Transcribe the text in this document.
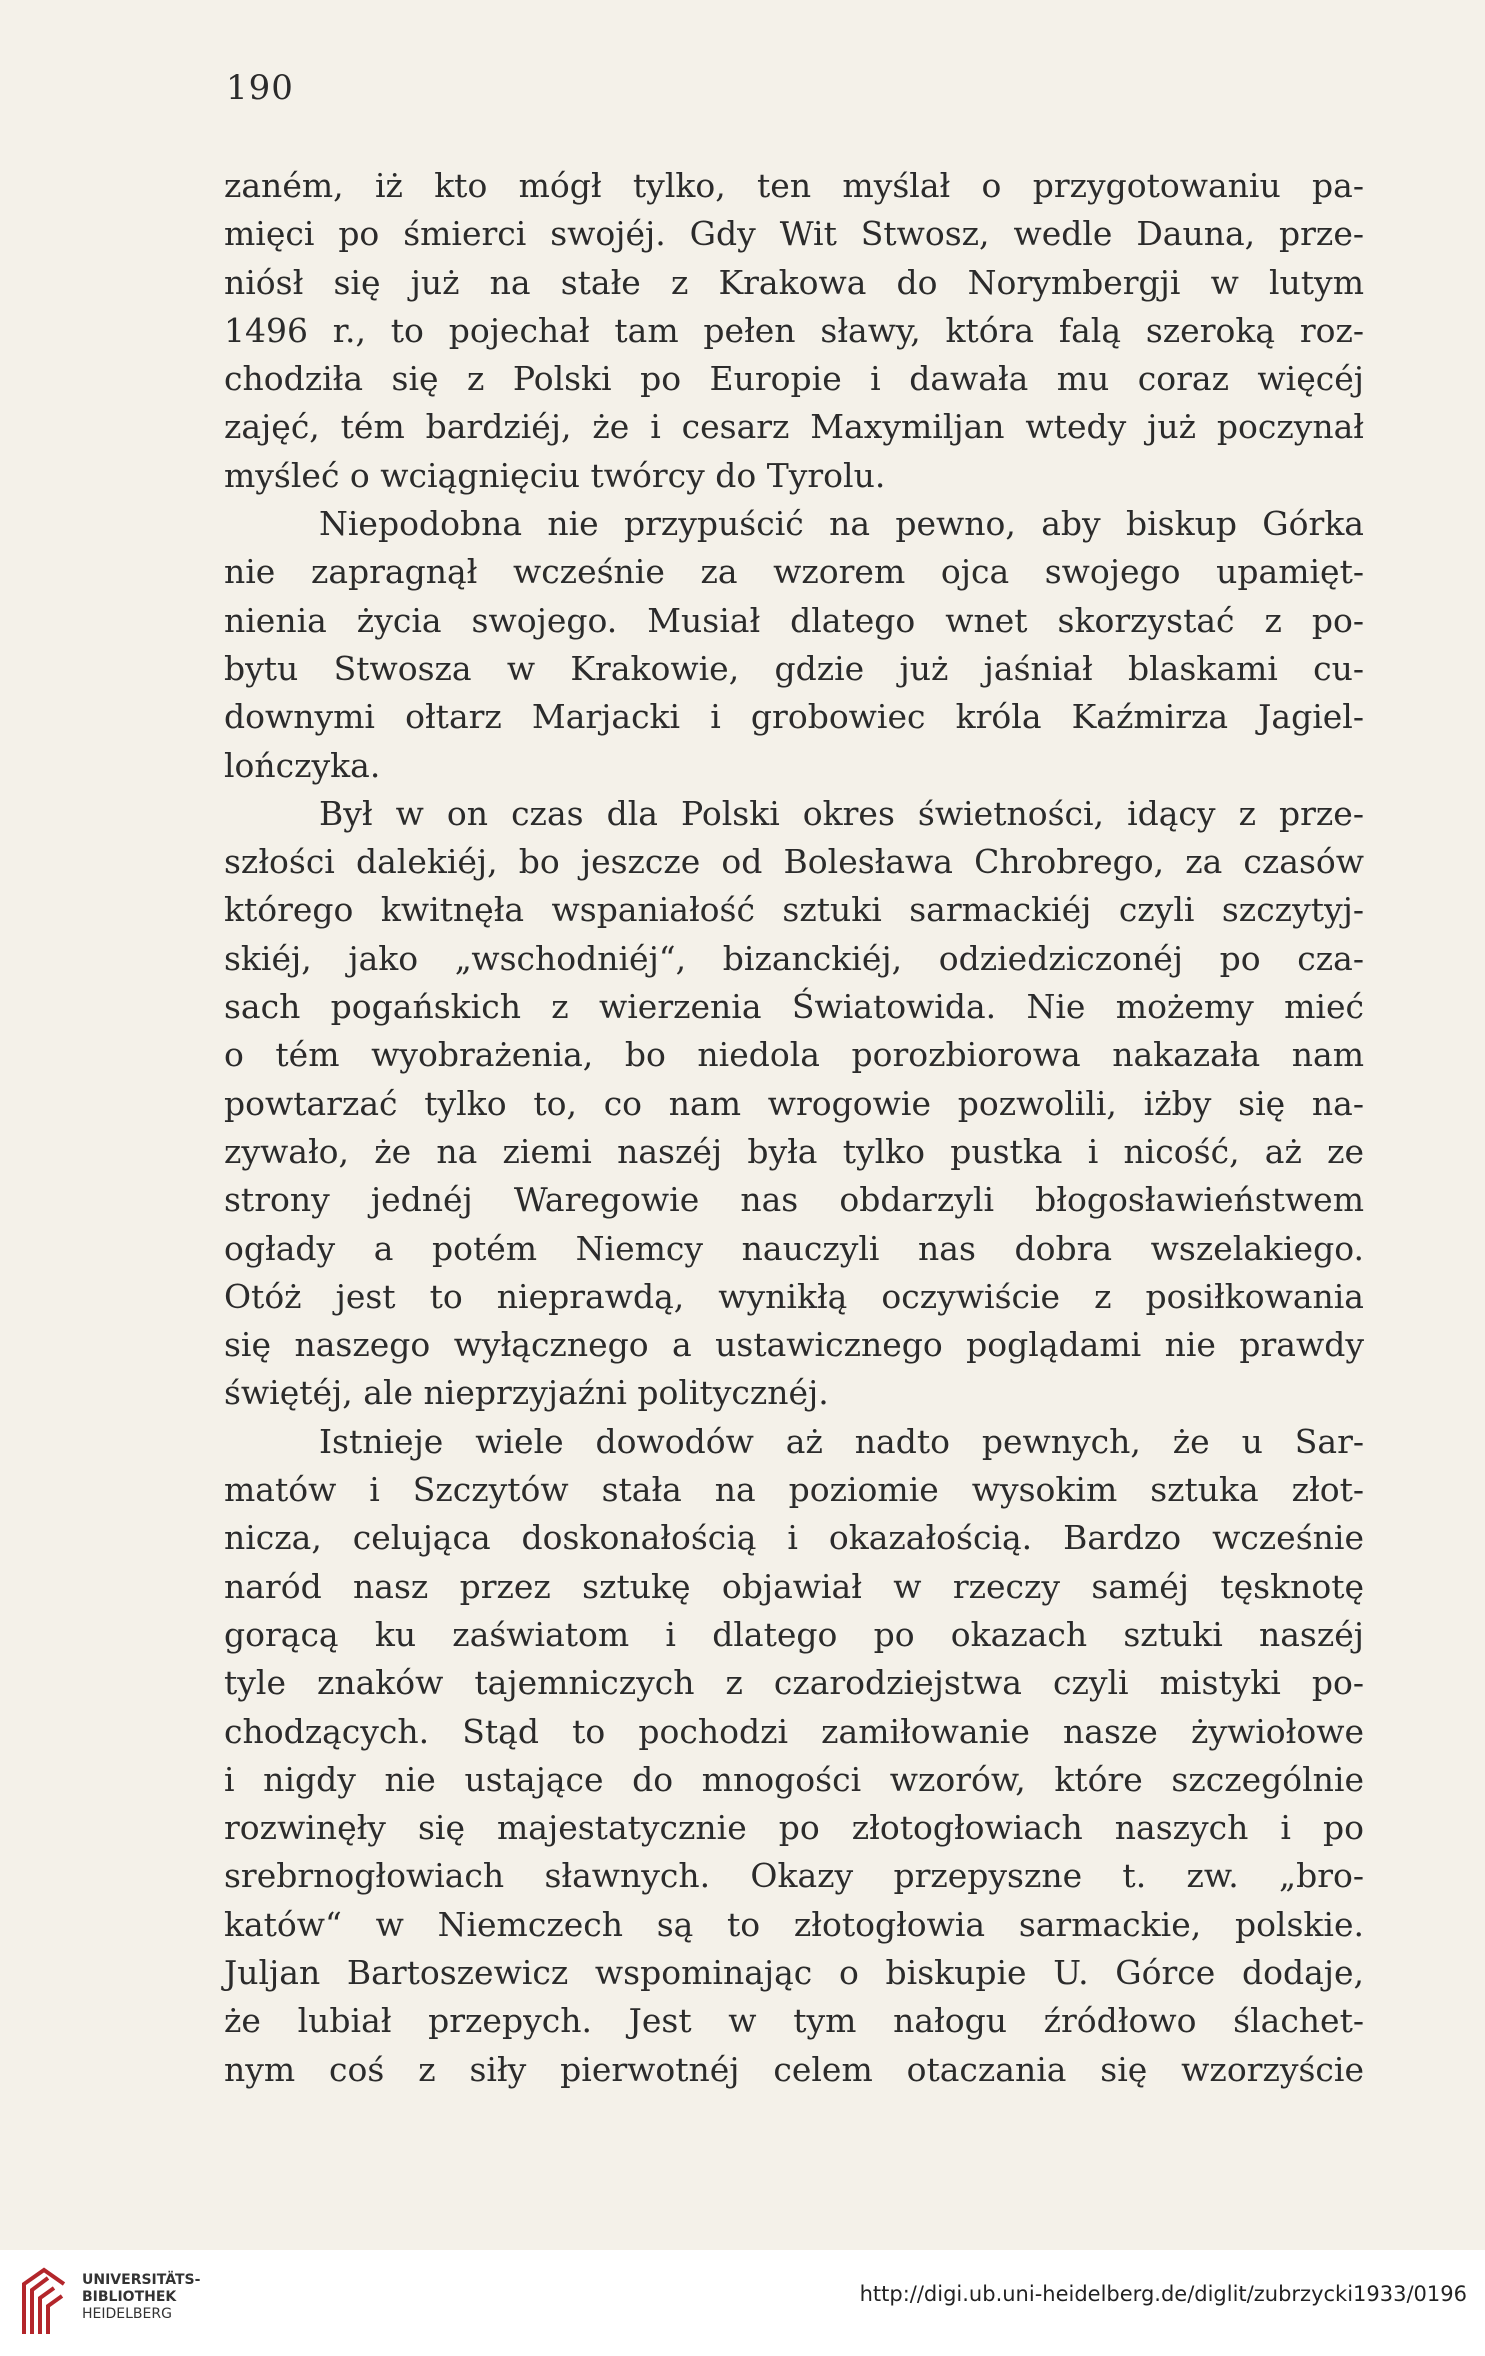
190
zaném, iż kto mógł tylko, ten myślał o przygotowaniu pa-
mięci po śmierci swojéj. Gdy Wit Stwosz, wedle Dauna, prze-
niósł się już na stałe z Krakowa do Norymbergji w lutym
1496 r., to pojechał tam pełen sławy, która falą szeroką roz-
chodziła się z Polski po Europie i dawała mu coraz więcéj
zajęć, tém bardziéj, że i cesarz Maxymiljan wtedy już poczynał
myśleć o wciągnięciu twórcy do Tyrolu.
Niepodobna nie przypuścić na pewno, aby biskup Górka
nie zapragnął wcześnie za wzorem ojca swojego upamięt-
nienia życia swojego. Musiał dlatego wnet skorzystać z po-
bytu Stwosza w Krakowie, gdzie już jaśniał blaskami cu-
downymi ołtarz Marjacki i grobowiec króla Kaźmirza Jagiel-
lończyka.
Był w on czas dla Polski okres świetności, idący z prze-
szłości dalekiéj, bo jeszcze od Bolesława Chrobrego, za czasów
którego kwitnęła wspaniałość sztuki sarmackiéj czyli szczytyj-
skiéj, jako „wschodniéj“, bizanckiéj, odziedziczonéj po cza-
sach pogańskich z wierzenia Światowida. Nie możemy mieć
o tém wyobrażenia, bo niedola porozbiorowa nakazała nam
powtarzać tylko to, co nam wrogowie pozwolili, iżby się na-
zywało, że na ziemi naszéj była tylko pustka i nicość, aż ze
strony jednéj Waregowie nas obdarzyli błogosławieństwem
ogłady a potém Niemcy nauczyli nas dobra wszelakiego.
Otóż jest to nieprawdą, wynikłą oczywiście z posiłkowania
się naszego wyłącznego a ustawicznego poglądami nie prawdy
świętéj, ale nieprzyjaźni politycznéj.
Istnieje wiele dowodów aż nadto pewnych, że u Sar-
matów i Szczytów stała na poziomie wysokim sztuka złot-
nicza, celująca doskonałością i okazałością. Bardzo wcześnie
naród nasz przez sztukę objawiał w rzeczy saméj tęsknotę
gorącą ku zaświatom i dlatego po okazach sztuki naszéj
tyle znaków tajemniczych z czarodziejstwa czyli mistyki po-
chodzących. Stąd to pochodzi zamiłowanie nasze żywiołowe
i nigdy nie ustające do mnogości wzorów, które szczególnie
rozwinęły się majestatycznie po złotogłowiach naszych i po
srebrnogłowiach sławnych. Okazy przepyszne t. zw. „bro-
katów“ w Niemczech są to złotogłowia sarmackie, polskie.
Juljan Bartoszewicz wspominając o biskupie U. Górce dodaje,
że lubiał przepych. Jest w tym nałogu źródłowo ślachet-
nym coś z siły pierwotnéj celem otaczania się wzorzyście
UNIVERSITÄTS-
BIBLIOTHEK
HEIDELBERG
http://digi.ub.uni-heidelberg.de/diglit/zubrzycki1933/0196
